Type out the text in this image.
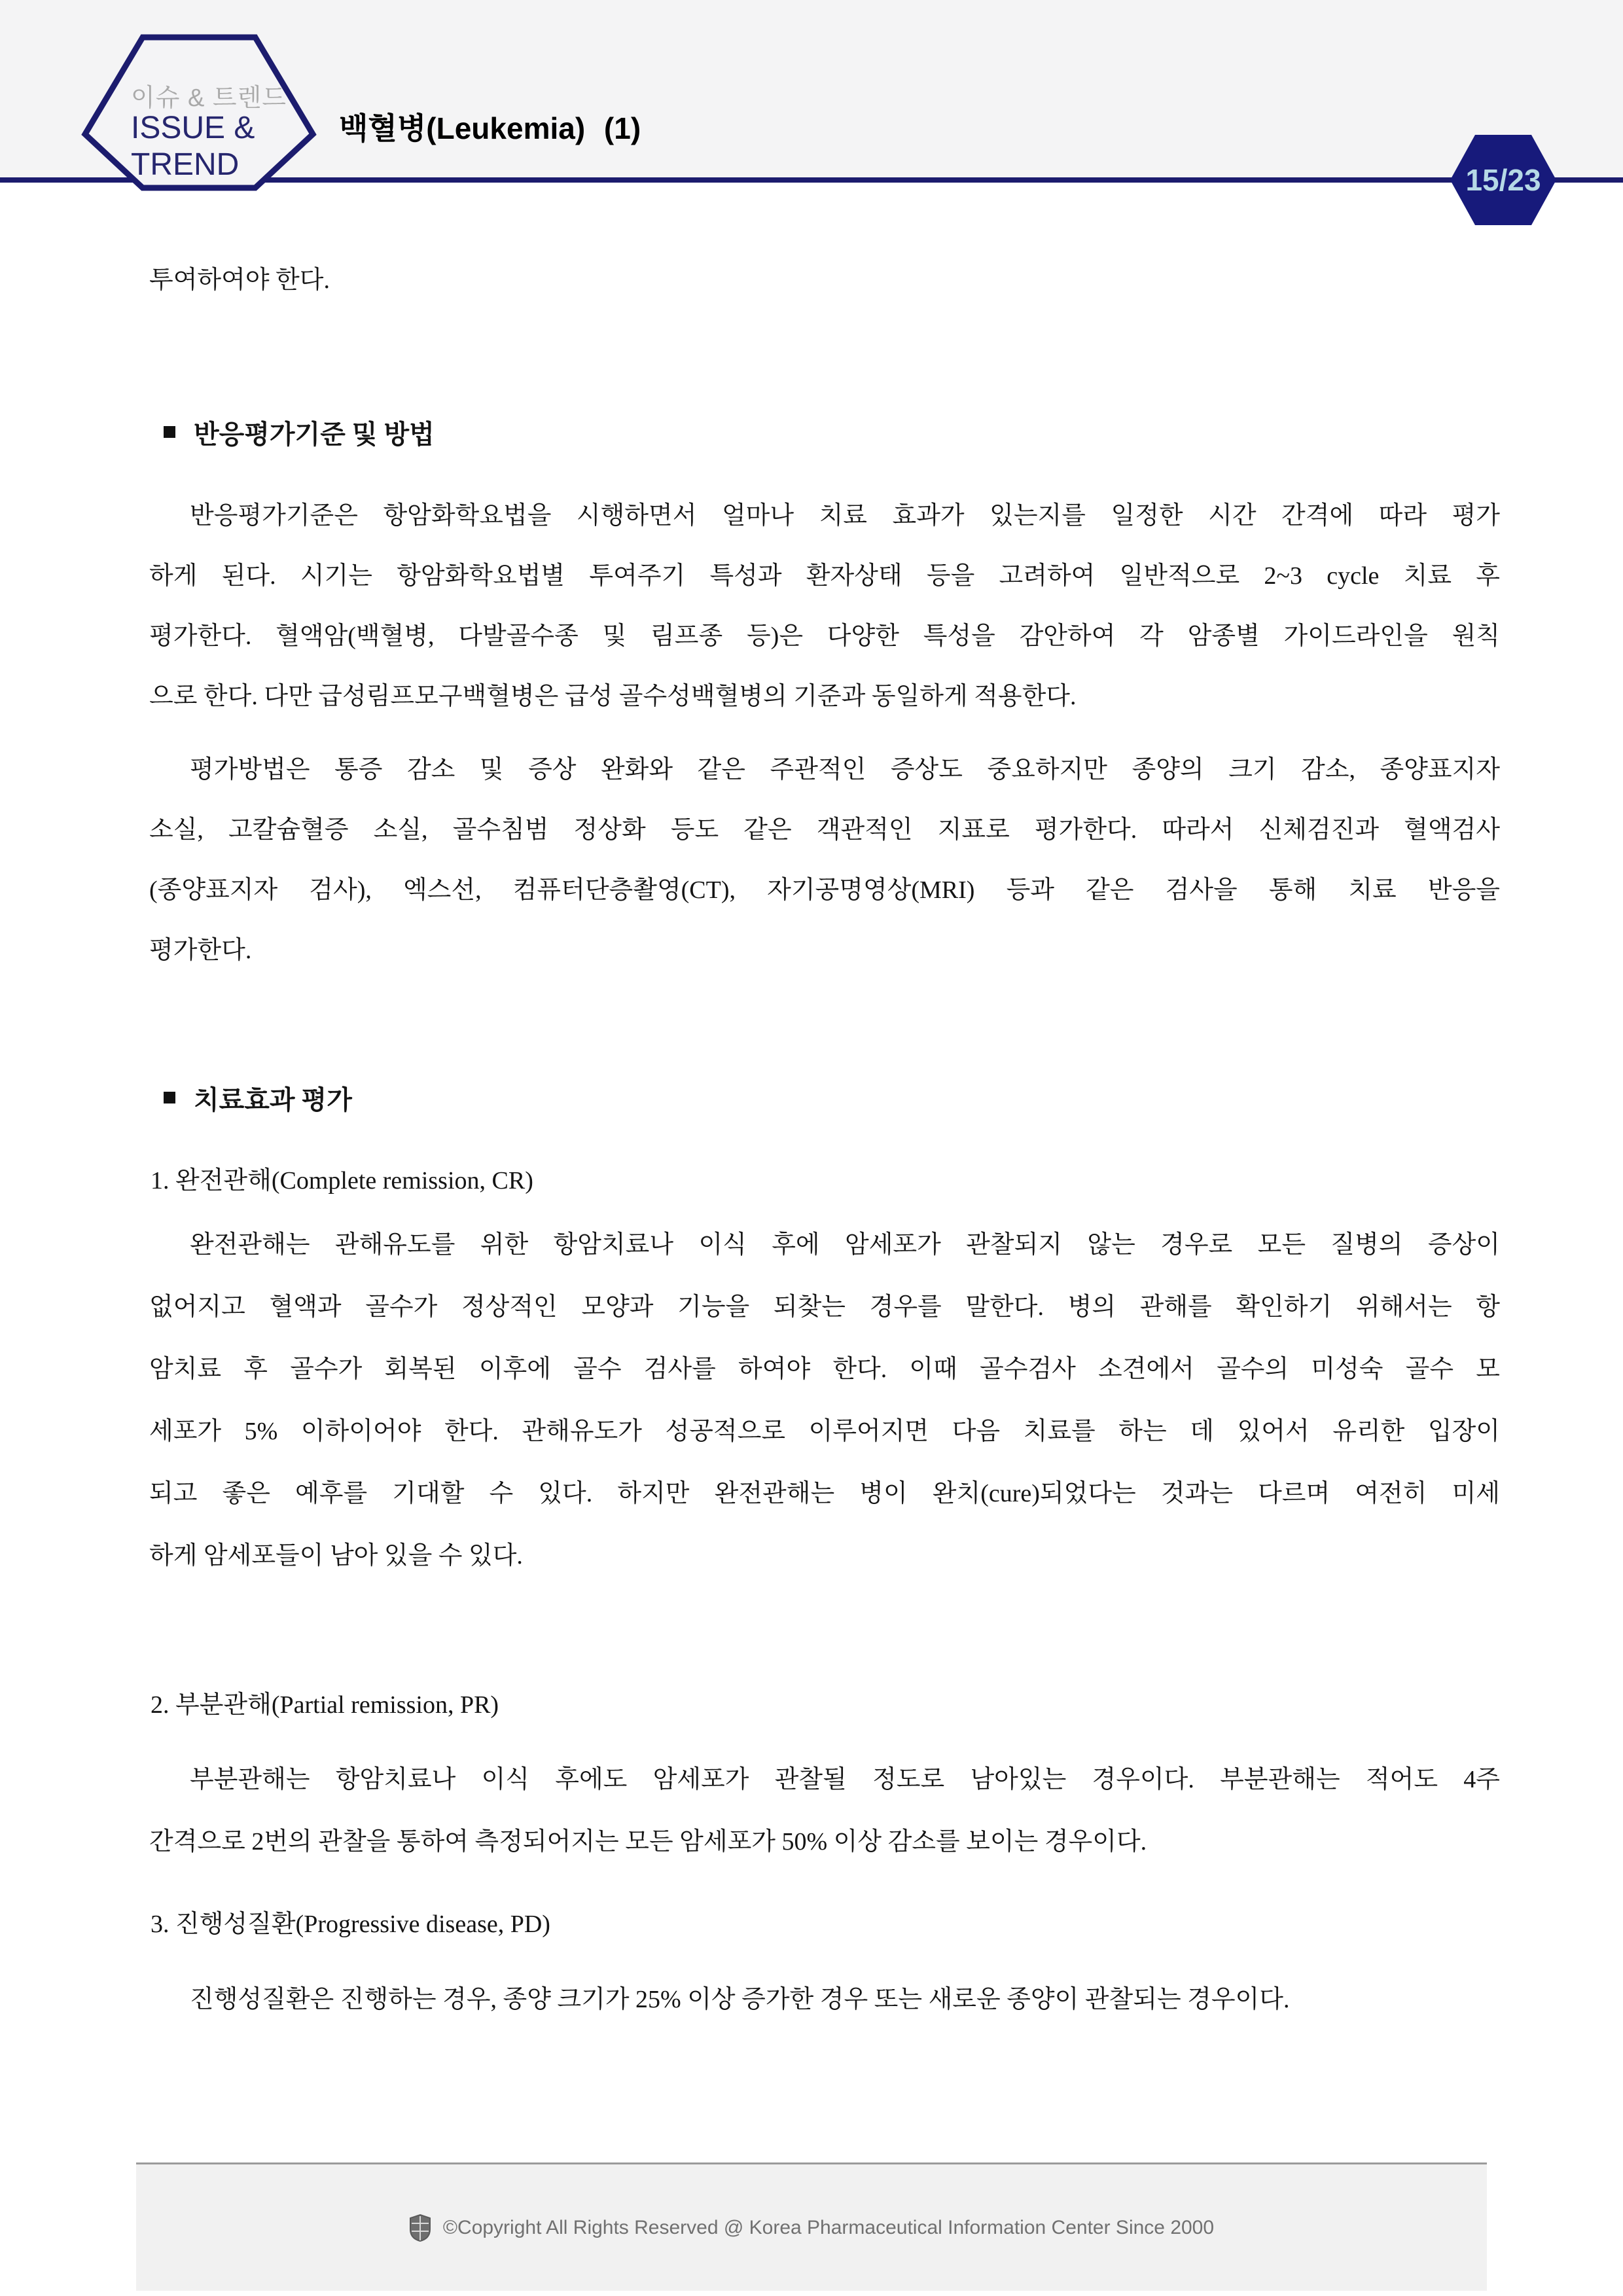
이슈 & 트렌드
ISSUE &
TREND
백혈병(Leukemia) (1)
15/23
투여하여야 한다.
반응평가기준 및 방법
반응평가기준은 항암화학요법을 시행하면서 얼마나 치료 효과가 있는지를 일정한 시간 간격에 따라 평가
하게 된다. 시기는 항암화학요법별 투여주기 특성과 환자상태 등을 고려하여 일반적으로 2~3 cycle 치료 후
평가한다. 혈액암(백혈병, 다발골수종 및 림프종 등)은 다양한 특성을 감안하여 각 암종별 가이드라인을 원칙
으로 한다. 다만 급성림프모구백혈병은 급성 골수성백혈병의 기준과 동일하게 적용한다.
평가방법은 통증 감소 및 증상 완화와 같은 주관적인 증상도 중요하지만 종양의 크기 감소, 종양표지자
소실, 고칼슘혈증 소실, 골수침범 정상화 등도 같은 객관적인 지표로 평가한다. 따라서 신체검진과 혈액검사
(종양표지자 검사), 엑스선, 컴퓨터단층촬영(CT), 자기공명영상(MRI) 등과 같은 검사을 통해 치료 반응을
평가한다.
치료효과 평가
1. 완전관해(Complete remission, CR)
완전관해는 관해유도를 위한 항암치료나 이식 후에 암세포가 관찰되지 않는 경우로 모든 질병의 증상이
없어지고 혈액과 골수가 정상적인 모양과 기능을 되찾는 경우를 말한다. 병의 관해를 확인하기 위해서는 항
암치료 후 골수가 회복된 이후에 골수 검사를 하여야 한다. 이때 골수검사 소견에서 골수의 미성숙 골수 모
세포가 5% 이하이어야 한다. 관해유도가 성공적으로 이루어지면 다음 치료를 하는 데 있어서 유리한 입장이
되고 좋은 예후를 기대할 수 있다. 하지만 완전관해는 병이 완치(cure)되었다는 것과는 다르며 여전히 미세
하게 암세포들이 남아 있을 수 있다.
2. 부분관해(Partial remission, PR)
부분관해는 항암치료나 이식 후에도 암세포가 관찰될 정도로 남아있는 경우이다. 부분관해는 적어도 4주
간격으로 2번의 관찰을 통하여 측정되어지는 모든 암세포가 50% 이상 감소를 보이는 경우이다.
3. 진행성질환(Progressive disease, PD)
진행성질환은 진행하는 경우, 종양 크기가 25% 이상 증가한 경우 또는 새로운 종양이 관찰되는 경우이다.
©Copyright All Rights Reserved @ Korea Pharmaceutical Information Center Since 2000
